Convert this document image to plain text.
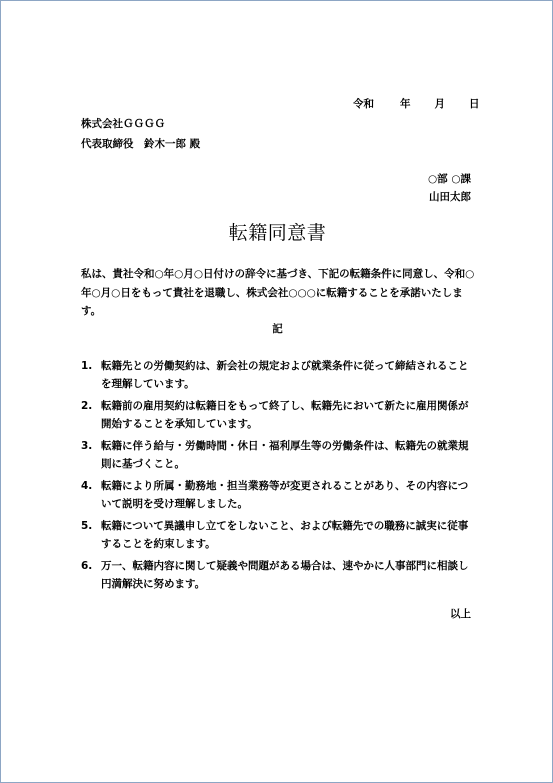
令和 年 月 日
株式会社ＧＧＧＧ
代表取締役　鈴木一郎 殿
○部 ○課
山田太郎
転籍同意書
私は、貴社令和○年○月○日付けの辞令に基づき、下記の転籍条件に同意し、令和○年○月○日をもって貴社を退職し、株式会社○○○に転籍することを承諾いたします。
記
1. 転籍先との労働契約は、新会社の規定および就業条件に従って締結されることを理解しています。
2. 転籍前の雇用契約は転籍日をもって終了し、転籍先において新たに雇用関係が開始することを承知しています。
3. 転籍に伴う給与・労働時間・休日・福利厚生等の労働条件は、転籍先の就業規則に基づくこと。
4. 転籍により所属・勤務地・担当業務等が変更されることがあり、その内容について説明を受け理解しました。
5. 転籍について異議申し立てをしないこと、および転籍先での職務に誠実に従事することを約束します。
6. 万一、転籍内容に関して疑義や問題がある場合は、速やかに人事部門に相談し円満解決に努めます。
以上
